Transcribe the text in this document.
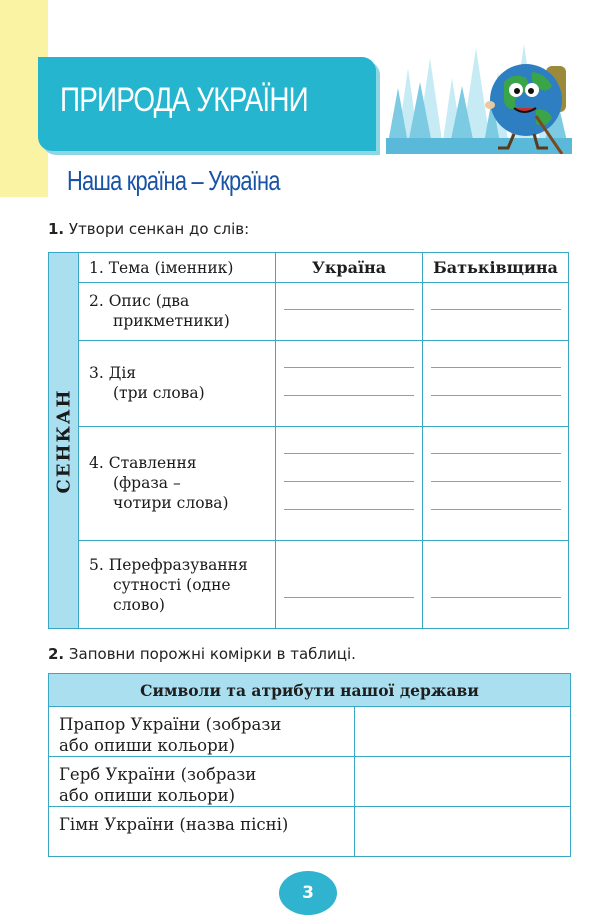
ПРИРОДА УКРАЇНИ
Наша країна – Україна
1. Утвори сенкан до слів:
СЕНКАН
Україна	Батьківщина
1. Тема (іменник)
2. Опис (два
прикметники)
3. Дія
(три слова)
4. Ставлення
(фраза –
чотири слова)
5. Перефразування
сутності (одне
слово)
2. Заповни порожні комірки в таблиці.
Символи та атрибути нашої держави
Прапор України (зобрази
або опиши кольори)
Герб України (зобрази
або опиши кольори)
Гімн України (назва пісні)
3
